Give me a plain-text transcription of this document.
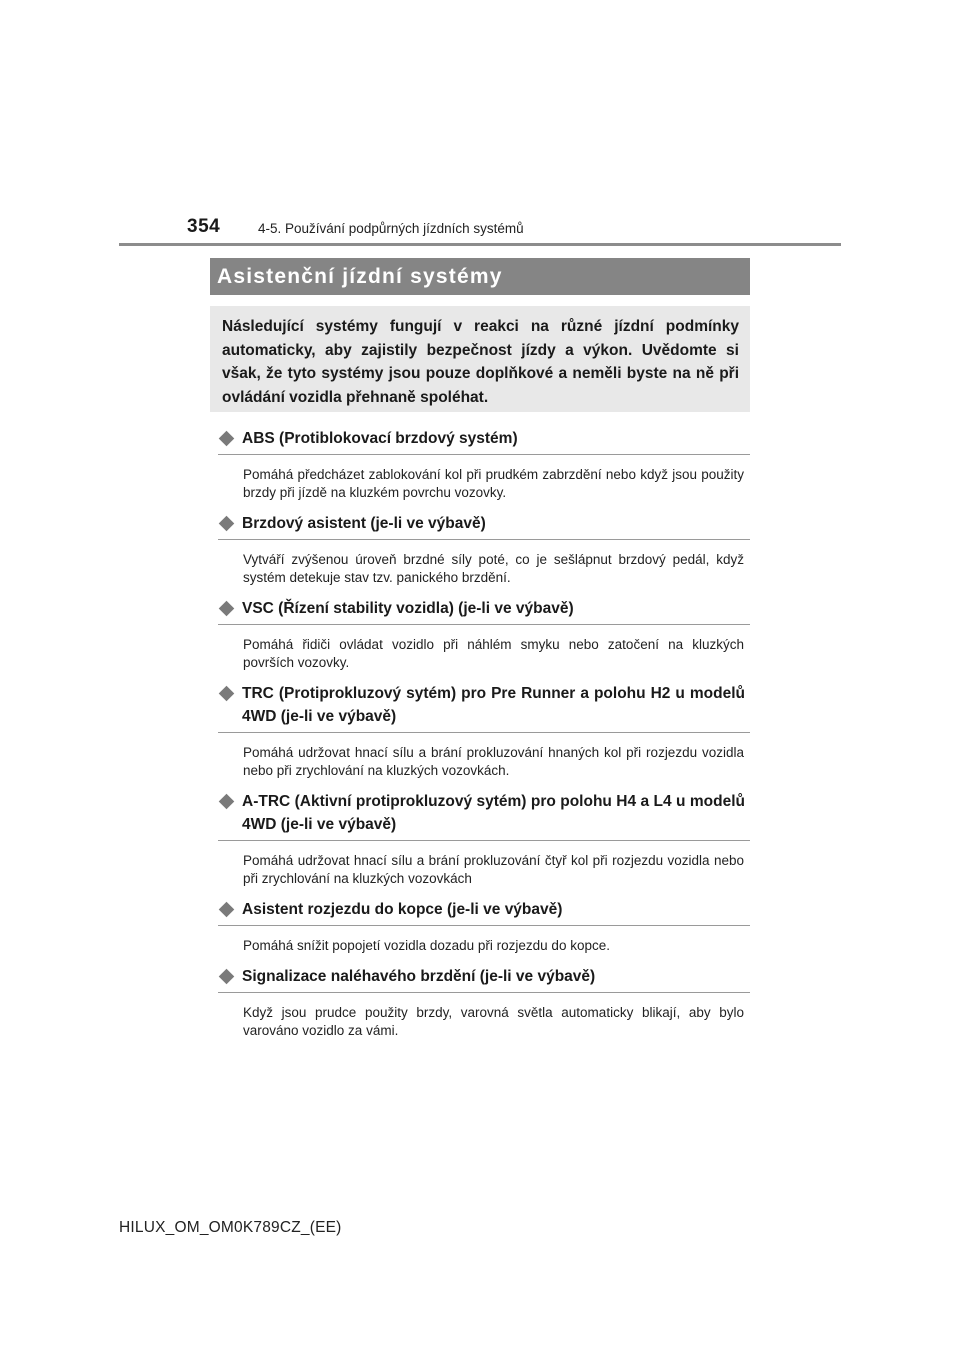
354	4-5. Používání podpůrných jízdních systémů
Asistenční jízdní systémy
Následující systémy fungují v reakci na různé jízdní podmínky automaticky, aby zajistily bezpečnost jízdy a výkon. Uvědomte si však, že tyto systémy jsou pouze doplňkové a neměli byste na ně při ovládání vozidla přehnaně spoléhat.
ABS (Protiblokovací brzdový systém)
Pomáhá předcházet zablokování kol při prudkém zabrzdění nebo když jsou použity brzdy při jízdě na kluzkém povrchu vozovky.
Brzdový asistent (je-li ve výbavě)
Vytváří zvýšenou úroveň brzdné síly poté, co je sešlápnut brzdový pedál, když systém detekuje stav tzv. panického brzdění.
VSC (Řízení stability vozidla) (je-li ve výbavě)
Pomáhá řidiči ovládat vozidlo při náhlém smyku nebo zatočení na kluzkých površích vozovky.
TRC (Protiprokluzový sytém) pro Pre Runner a polohu H2 u modelů 4WD (je-li ve výbavě)
Pomáhá udržovat hnací sílu a brání prokluzování hnaných kol při rozjezdu vozidla nebo při zrychlování na kluzkých vozovkách.
A-TRC (Aktivní protiprokluzový sytém) pro polohu H4 a L4 u modelů 4WD (je-li ve výbavě)
Pomáhá udržovat hnací sílu a brání prokluzování čtyř kol při rozjezdu vozidla nebo při zrychlování na kluzkých vozovkách
Asistent rozjezdu do kopce (je-li ve výbavě)
Pomáhá snížit popojetí vozidla dozadu při rozjezdu do kopce.
Signalizace naléhavého brzdění (je-li ve výbavě)
Když jsou prudce použity brzdy, varovná světla automaticky blikají, aby bylo varováno vozidlo za vámi.
HILUX_OM_OM0K789CZ_(EE)
